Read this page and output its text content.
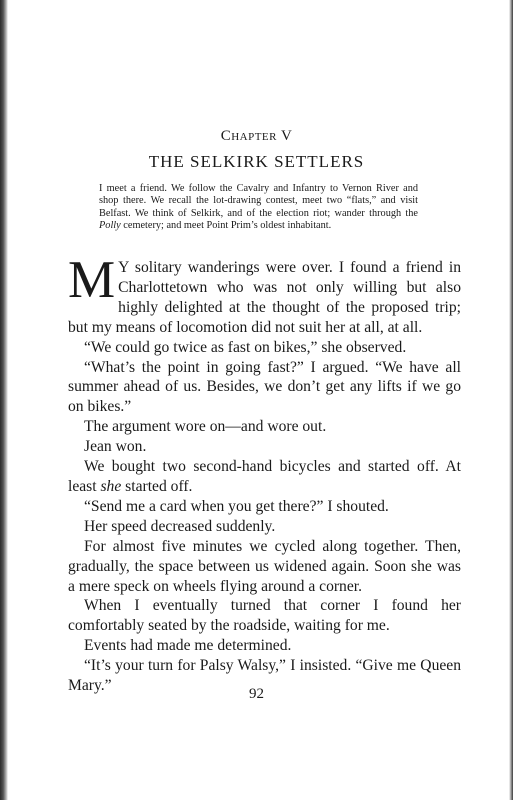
Chapter V
THE SELKIRK SETTLERS

I meet a friend. We follow the Cavalry and Infantry to Vernon River and shop there. We recall the lot-drawing contest, meet two “flats,” and visit Belfast. We think of Selkirk, and of the election riot; wander through the Polly cemetery; and meet Point Prim’s oldest inhabitant.

M Y solitary wanderings were over. I found a friend in Charlottetown who was not only willing but also highly delighted at the thought of the proposed trip; but my means of locomotion did not suit her at all, at all.

“We could go twice as fast on bikes,” she observed.

“What’s the point in going fast?” I argued. “We have all summer ahead of us. Besides, we don’t get any lifts if we go on bikes.”

The argument wore on—and wore out.

Jean won.

We bought two second-hand bicycles and started off. At least she started off.

“Send me a card when you get there?” I shouted.

Her speed decreased suddenly.

For almost five minutes we cycled along together. Then, gradually, the space between us widened again. Soon she was a mere speck on wheels flying around a corner.

When I eventually turned that corner I found her comfortably seated by the roadside, waiting for me.

Events had made me determined.

“It’s your turn for Palsy Walsy,” I insisted. “Give me Queen Mary.”	92
